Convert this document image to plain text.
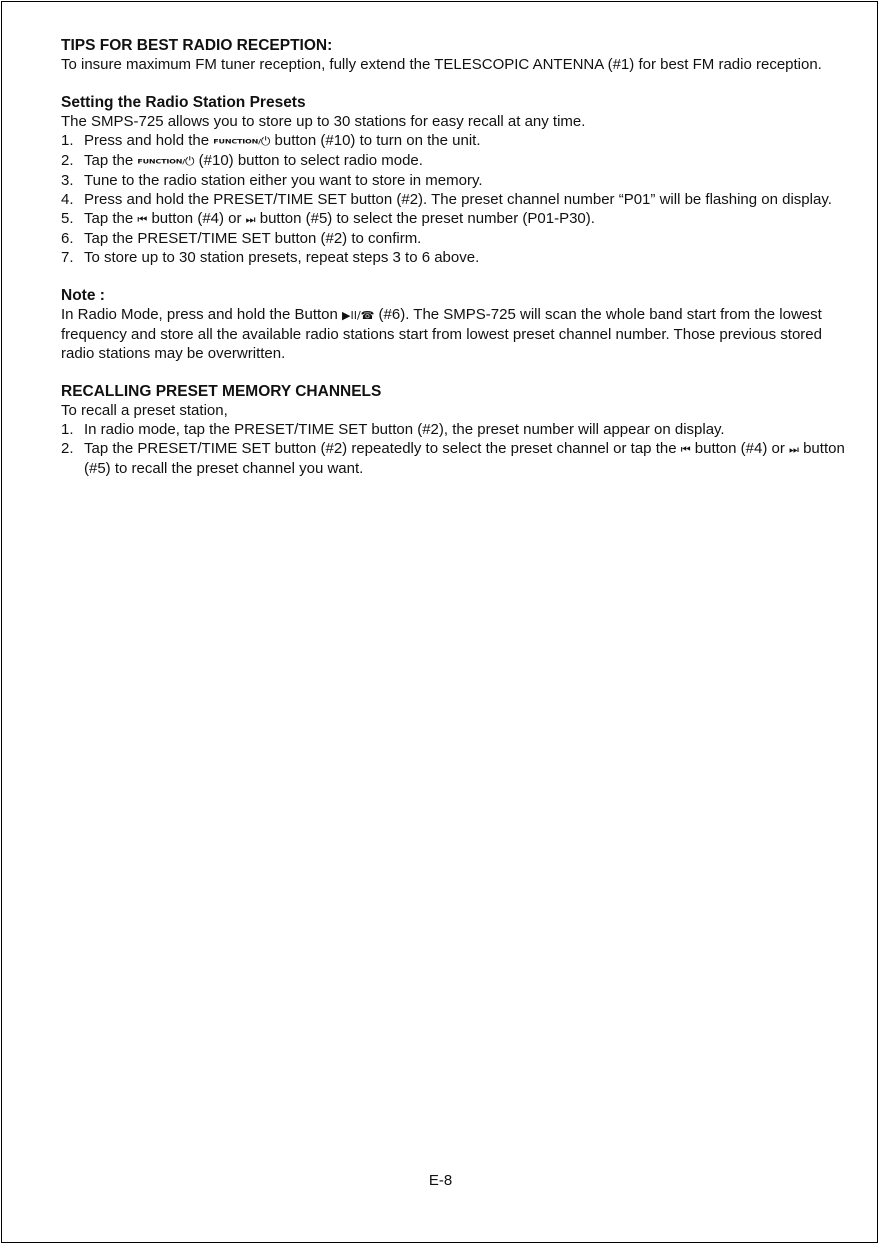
TIPS FOR BEST RADIO RECEPTION:

To insure maximum FM tuner reception, fully extend the TELESCOPIC ANTENNA (#1) for best FM radio reception.

Setting the Radio Station Presets

The SMPS-725 allows you to store up to 30 stations for easy recall at any time.

1. Press and hold the FUNCTION/⏻ button (#10) to turn on the unit.
2. Tap the FUNCTION/⏻ (#10) button to select radio mode.
3. Tune to the radio station either you want to store in memory.
4. Press and hold the PRESET/TIME SET button (#2). The preset channel number “P01” will be flashing on display.
5. Tap the ⏮ button (#4) or ⏭ button (#5) to select the preset number (P01-P30).
6. Tap the PRESET/TIME SET button (#2) to confirm.
7. To store up to 30 station presets, repeat steps 3 to 6 above.

Note :

In Radio Mode, press and hold the Button ▶II/☎ (#6). The SMPS-725 will scan the whole band start from the lowest frequency and store all the available radio stations start from lowest preset channel number. Those previous stored radio stations may be overwritten.

RECALLING PRESET MEMORY CHANNELS

To recall a preset station,

1. In radio mode, tap the PRESET/TIME SET button (#2), the preset number will appear on display.
2. Tap the PRESET/TIME SET button (#2) repeatedly to select the preset channel or tap the ⏮ button (#4) or ⏭ button (#5) to recall the preset channel you want.
E-8
